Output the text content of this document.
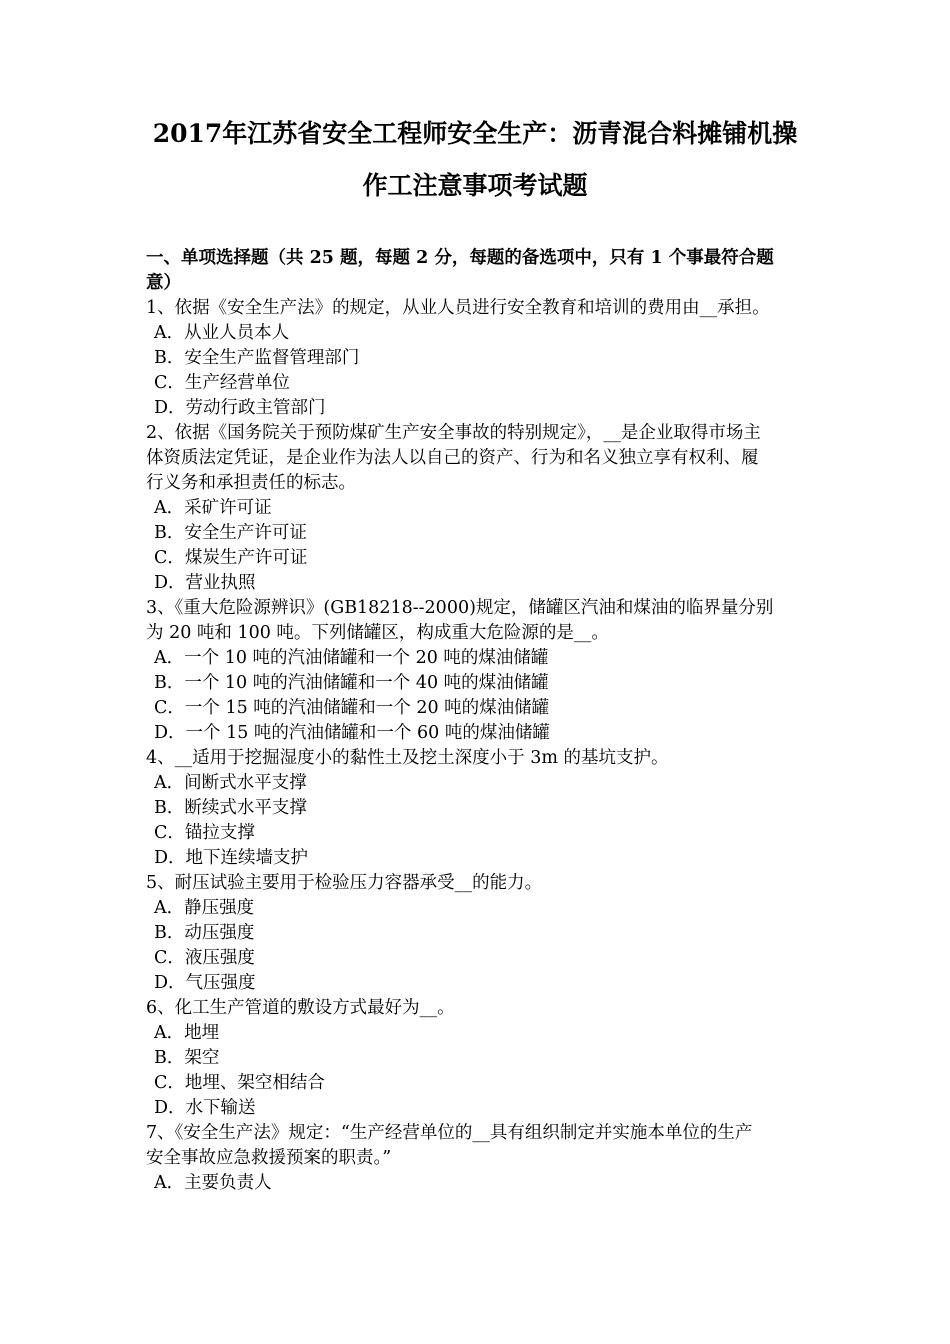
2017年江苏省安全工程师安全生产：沥青混合料摊铺机操
作工注意事项考试题
一、单项选择题（共 25 题，每题 2 分，每题的备选项中，只有 1 个事最符合题
意）
1、依据《安全生产法》的规定，从业人员进行安全教育和培训的费用由__承担。
A．从业人员本人
B．安全生产监督管理部门
C．生产经营单位
D．劳动行政主管部门
2、依据《国务院关于预防煤矿生产安全事故的特别规定》，__是企业取得市场主
体资质法定凭证，是企业作为法人以自己的资产、行为和名义独立享有权利、履
行义务和承担责任的标志。
A．采矿许可证
B．安全生产许可证
C．煤炭生产许可证
D．营业执照
3、《重大危险源辨识》(GB18218--2000)规定，储罐区汽油和煤油的临界量分别
为 20 吨和 100 吨。下列储罐区，构成重大危险源的是__。
A．一个 10 吨的汽油储罐和一个 20 吨的煤油储罐
B．一个 10 吨的汽油储罐和一个 40 吨的煤油储罐
C．一个 15 吨的汽油储罐和一个 20 吨的煤油储罐
D．一个 15 吨的汽油储罐和一个 60 吨的煤油储罐
4、__适用于挖掘湿度小的黏性土及挖土深度小于 3m 的基坑支护。
A．间断式水平支撑
B．断续式水平支撑
C．锚拉支撑
D．地下连续墙支护
5、耐压试验主要用于检验压力容器承受__的能力。
A．静压强度
B．动压强度
C．液压强度
D．气压强度
6、化工生产管道的敷设方式最好为__。
A．地埋
B．架空
C．地埋、架空相结合
D．水下输送
7、《安全生产法》规定：“生产经营单位的__具有组织制定并实施本单位的生产
安全事故应急救援预案的职责。”
A．主要负责人
